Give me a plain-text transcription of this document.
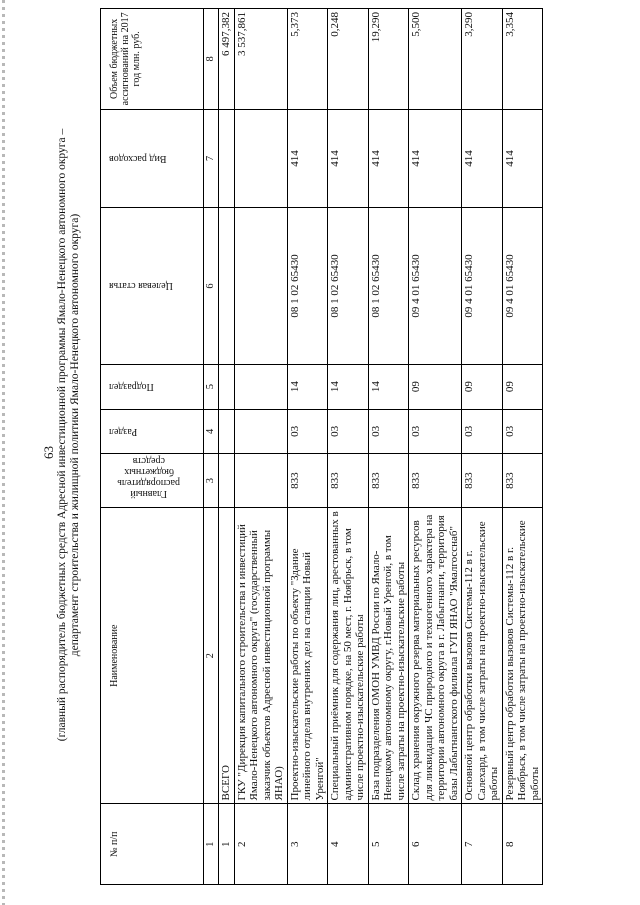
63 (главный распорядитель бюджетных средств Адресной инвестиционной программы Ямало-Ненецкого автономного округа – департамент строительства и жилищной политики Ямало-Ненецкого автономного округа)
№ п/п	Наименование	Главный распорядитель бюджетных средств	Раздел	Подраздел	Целевая статья	Вид расходов	Объем бюджетных ассигнований на 2017 год млн. руб.
1	2	3	4	5	6	7	8
1	ВСЕГО						6 497,382
2	ГКУ "Дирекция капитального строительства и инвестиций Ямало-Ненецкого автономного округа" (государственный заказчик объектов Адресной инвестиционной программы ЯНАО)						3 537,861
3	Проектно-изыскательские работы по объекту "Здание линейного отдела внутренних дел на станции Новый Уренгой"	833	03	14	08 1 02 65430	414	5,373
4	Специальный приёмник для содержания лиц, арестованных в административном порядке, на 50 мест, г. Ноябрьск, в том числе проектно-изыскательские работы	833	03	14	08 1 02 65430	414	0,248
5	База подразделения ОМОН УМВД России по Ямало-Ненецкому автономному округу, г.Новый Уренгой, в том числе затраты на проектно-изыскательские работы	833	03	14	08 1 02 65430	414	19,290
6	Склад хранения окружного резерва материальных ресурсов для ликвидации ЧС природного и техногенного характера на территории автономного округа в г. Лабытнанги, территория базы Лабытнангского филиала ГУП ЯНАО "Ямалгосснаб"	833	03	09	09 4 01 65430	414	5,500
7	Основной центр обработки вызовов Системы-112 в г. Салехард, в том числе затраты на проектно-изыскательские работы	833	03	09	09 4 01 65430	414	3,290
8	Резервный центр обработки вызовов Системы-112 в г. Ноябрьск, в том числе затраты на проектно-изыскательские работы	833	03	09	09 4 01 65430	414	3,354
